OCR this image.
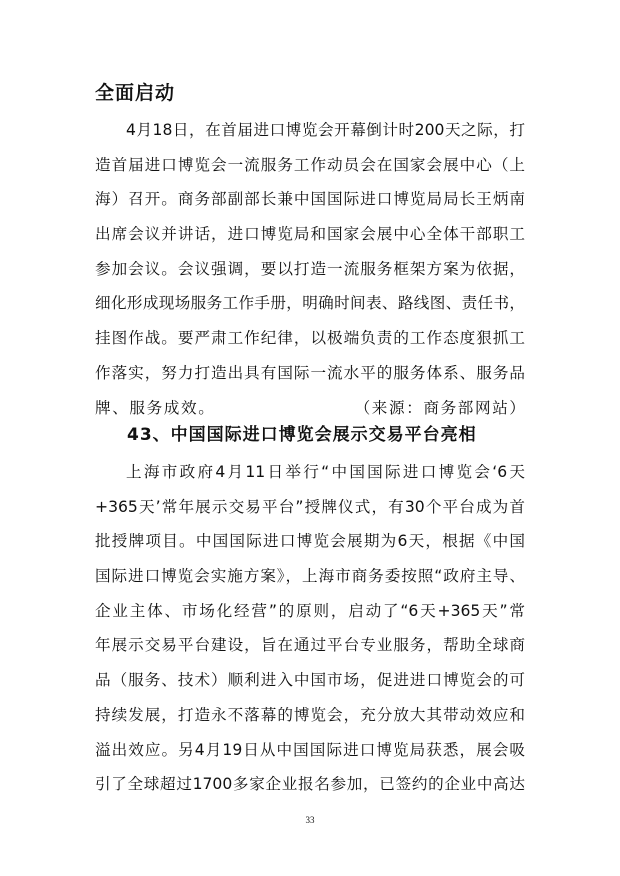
全面启动
4月18日，在首届进口博览会开幕倒计时200天之际，打
造首届进口博览会一流服务工作动员会在国家会展中心（上
海）召开。商务部副部长兼中国国际进口博览局局长王炳南
出席会议并讲话，进口博览局和国家会展中心全体干部职工
参加会议。会议强调，要以打造一流服务框架方案为依据，
细化形成现场服务工作手册，明确时间表、路线图、责任书，
挂图作战。要严肃工作纪律，以极端负责的工作态度狠抓工
作落实，努力打造出具有国际一流水平的服务体系、服务品
牌、服务成效。　　　　　　　　　（来源：商务部网站）
43、中国国际进口博览会展示交易平台亮相
上海市政府4月11日举行“中国国际进口博览会‘6天
+365天’常年展示交易平台”授牌仪式，有30个平台成为首
批授牌项目。中国国际进口博览会展期为6天，根据《中国
国际进口博览会实施方案》，上海市商务委按照“政府主导、
企业主体、市场化经营”的原则，启动了“6天+365天”常
年展示交易平台建设，旨在通过平台专业服务，帮助全球商
品（服务、技术）顺利进入中国市场，促进进口博览会的可
持续发展，打造永不落幕的博览会，充分放大其带动效应和
溢出效应。另4月19日从中国国际进口博览局获悉，展会吸
引了全球超过1700多家企业报名参加，已签约的企业中高达
33
